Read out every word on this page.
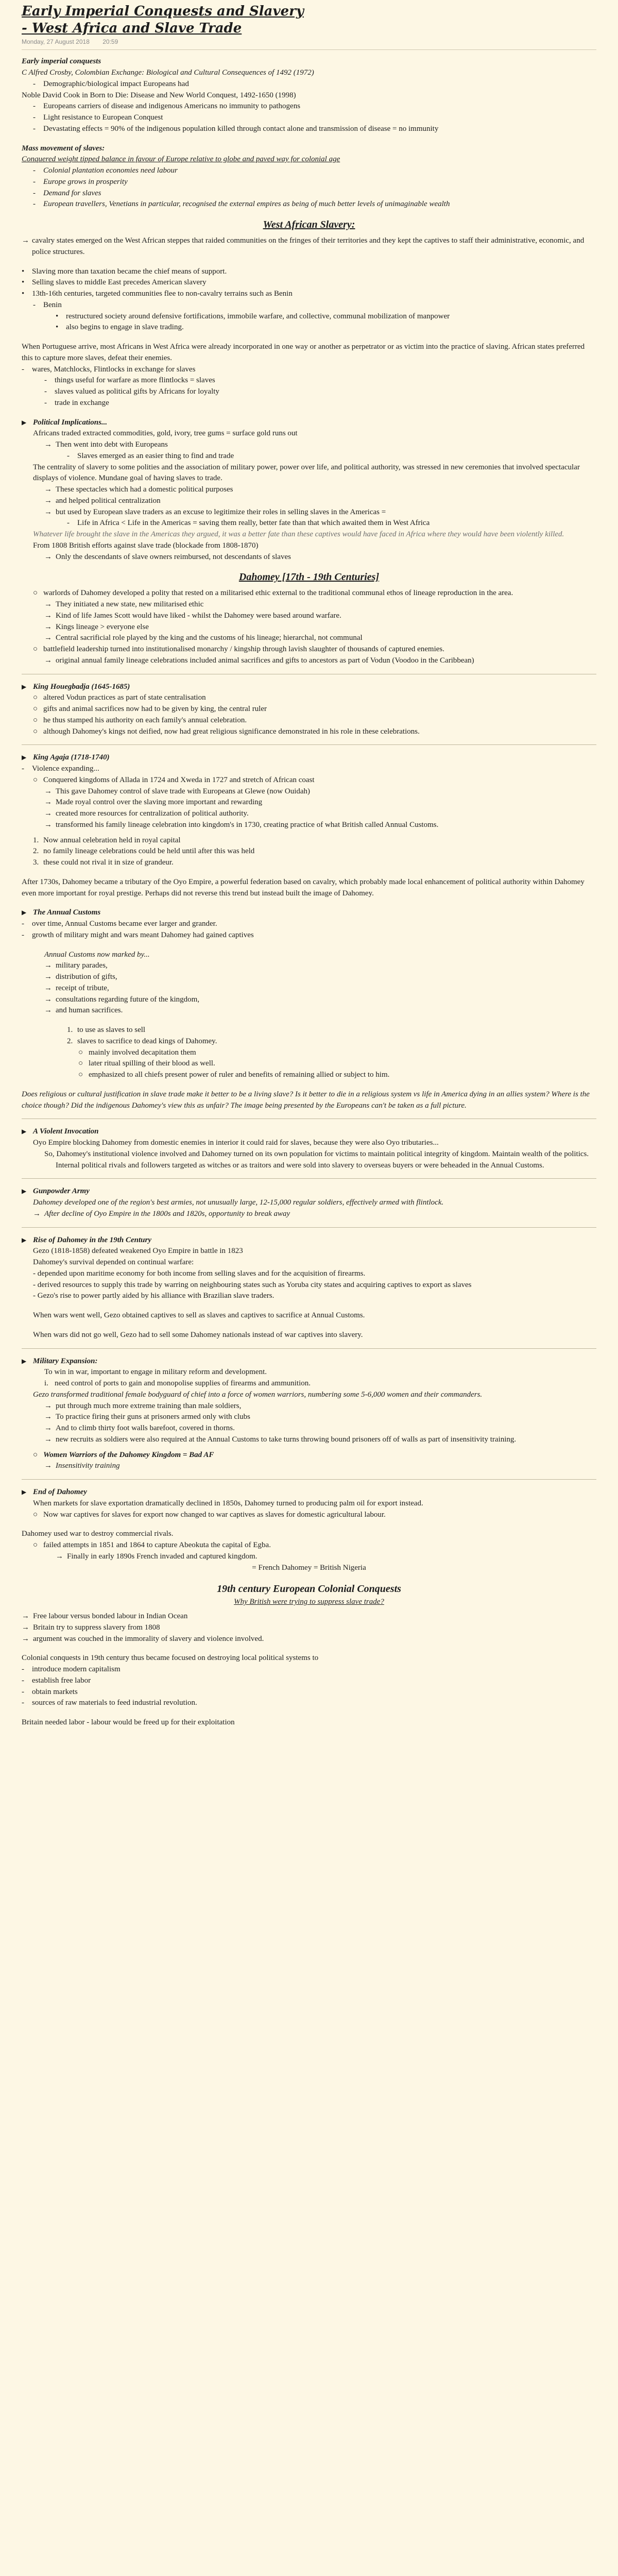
Early Imperial Conquests and Slavery - West Africa and Slave Trade
Monday, 27 August 2018 20:59

Early imperial conquests

C Alfred Crosby, Colombian Exchange: Biological and Cultural Consequences of 1492 (1972)

-	Demographic/biological impact Europeans had

Noble David Cook in Born to Die: Disease and New World Conquest, 1492-1650 (1998)

-	Europeans carriers of disease and indigenous Americans no immunity to pathogens
-	Light resistance to European Conquest
-	Devastating effects = 90% of the indigenous population killed through contact alone and transmission of disease = no immunity

Mass movement of slaves:

Conquered weight tipped balance in favour of Europe relative to globe and paved way for colonial age

-	Colonial plantation economies need labour
-	Europe grows in prosperity
-	Demand for slaves
-	European travellers, Venetians in particular, recognised the external empires as being of much better levels of unimaginable wealth

West African Slavery:

→ cavalry states emerged on the West African steppes that raided communities on the fringes of their territories and they kept the captives to staff their administrative, economic, and police structures.
• Slaving more than taxation became the chief means of support.
• Selling slaves to middle East precedes American slavery
• 13th-16th centuries, targeted communities flee to non-cavalry terrains such as Benin
-	Benin
• restructured society around defensive fortifications, immobile warfare, and collective, communal mobilization of manpower
• also begins to engage in slave trading.

When Portuguese arrive, most Africans in West Africa were already incorporated in one way or another as perpetrator or as victim into the practice of slaving. African states preferred this to capture more slaves, defeat their enemies.

-	wares, Matchlocks, Flintlocks in exchange for slaves
-	things useful for warfare as more flintlocks = slaves
-	slaves valued as political gifts by Africans for loyalty
-	trade in exchange
▶ Political Implications...

Africans traded extracted commodities, gold, ivory, tree gums = surface gold runs out

→ Then went into debt with Europeans
-	Slaves emerged as an easier thing to find and trade

The centrality of slavery to some polities and the association of military power, power over life, and political authority, was stressed in new ceremonies that involved spectacular displays of violence. Mundane goal of having slaves to trade.

→ These spectacles which had a domestic political purposes
→ and helped political centralization
→ but used by European slave traders as an excuse to legitimize their roles in selling slaves in the Americas =
-	Life in Africa < Life in the Americas = saving them really, better fate than that which awaited them in West Africa

Whatever life brought the slave in the Americas they argued, it was a better fate than these captives would have faced in Africa where they would have been violently killed.

From 1808 British efforts against slave trade (blockade from 1808-1870)

→ Only the descendants of slave owners reimbursed, not descendants of slaves

Dahomey [17th - 19th Centuries]

○ warlords of Dahomey developed a polity that rested on a militarised ethic external to the traditional communal ethos of lineage reproduction in the area.
→ They initiated a new state, new militarised ethic
→ Kind of life James Scott would have liked - whilst the Dahomey were based around warfare.
→ Kings lineage > everyone else
→ Central sacrificial role played by the king and the customs of his lineage; hierarchal, not communal
○ battlefield leadership turned into institutionalised monarchy / kingship through lavish slaughter of thousands of captured enemies.
→ original annual family lineage celebrations included animal sacrifices and gifts to ancestors as part of Vodun (Voodoo in the Caribbean)
▶ King Houegbadja (1645-1685)
○ altered Vodun practices as part of state centralisation
○ gifts and animal sacrifices now had to be given by king, the central ruler
○ he thus stamped his authority on each family's annual celebration.
○ although Dahomey's kings not deified, now had great religious significance demonstrated in his role in these celebrations.
▶ King Agaja (1718-1740)
-	Violence expanding...
○ Conquered kingdoms of Allada in 1724 and Xweda in 1727 and stretch of African coast
→ This gave Dahomey control of slave trade with Europeans at Glewe (now Ouidah)
→ Made royal control over the slaving more important and rewarding
→ created more resources for centralization of political authority.
→ transformed his family lineage celebration into kingdom's in 1730, creating practice of what British called Annual Customs.
1. Now annual celebration held in royal capital
2. no family lineage celebrations could be held until after this was held
3. these could not rival it in size of grandeur.

After 1730s, Dahomey became a tributary of the Oyo Empire, a powerful federation based on cavalry, which probably made local enhancement of political authority within Dahomey even more important for royal prestige. Perhaps did not reverse this trend but instead built the image of Dahomey.

▶ The Annual Customs
-	over time, Annual Customs became ever larger and grander.
-	growth of military might and wars meant Dahomey had gained captives

Annual Customs now marked by...

→ military parades,
→ distribution of gifts,
→ receipt of tribute,
→ consultations regarding future of the kingdom,
→ and human sacrifices.
1. to use as slaves to sell
2. slaves to sacrifice to dead kings of Dahomey.
○ mainly involved decapitation them
○ later ritual spilling of their blood as well.
○ emphasized to all chiefs present power of ruler and benefits of remaining allied or subject to him.

Does religious or cultural justification in slave trade make it better to be a living slave? Is it better to die in a religious system vs life in America dying in an allies system? Where is the choice though? Did the indigenous Dahomey's view this as unfair? The image being presented by the Europeans can't be taken as a full picture.

▶ A Violent Invocation

Oyo Empire blocking Dahomey from domestic enemies in interior it could raid for slaves, because they were also Oyo tributaries...

So, Dahomey's institutional violence involved and Dahomey turned on its own population for victims to maintain political integrity of kingdom. Maintain wealth of the politics.

Internal political rivals and followers targeted as witches or as traitors and were sold into slavery to overseas buyers or were beheaded in the Annual Customs.

▶ Gunpowder Army

Dahomey developed one of the region's best armies, not unusually large, 12-15,000 regular soldiers, effectively armed with flintlock.

→ After decline of Oyo Empire in the 1800s and 1820s, opportunity to break away
▶ Rise of Dahomey in the 19th Century

Gezo (1818-1858) defeated weakened Oyo Empire in battle in 1823

Dahomey's survival depended on continual warfare:

- depended upon maritime economy for both income from selling slaves and for the acquisition of firearms.

- derived resources to supply this trade by warring on neighbouring states such as Yoruba city states and acquiring captives to export as slaves

- Gezo's rise to power partly aided by his alliance with Brazilian slave traders.

When wars went well, Gezo obtained captives to sell as slaves and captives to sacrifice at Annual Customs.

When wars did not go well, Gezo had to sell some Dahomey nationals instead of war captives into slavery.

▶ Military Expansion:

To win in war, important to engage in military reform and development.

i. need control of ports to gain and monopolise supplies of firearms and ammunition.

Gezo transformed traditional female bodyguard of chief into a force of women warriors, numbering some 5-6,000 women and their commanders.

→ put through much more extreme training than male soldiers,
→ To practice firing their guns at prisoners armed only with clubs
→ And to climb thirty foot walls barefoot, covered in thorns.
→ new recruits as soldiers were also required at the Annual Customs to take turns throwing bound prisoners off of walls as part of insensitivity training.
○ Women Warriors of the Dahomey Kingdom = Bad AF
→ Insensitivity training
▶ End of Dahomey

When markets for slave exportation dramatically declined in 1850s, Dahomey turned to producing palm oil for export instead.

○ Now war captives for slaves for export now changed to war captives as slaves for domestic agricultural labour.

Dahomey used war to destroy commercial rivals.

○ failed attempts in 1851 and 1864 to capture Abeokuta the capital of Egba.
→ Finally in early 1890s French invaded and captured kingdom.

= French Dahomey = British Nigeria

19th century European Colonial Conquests

Why British were trying to suppress slave trade?

→ Free labour versus bonded labour in Indian Ocean
→ Britain try to suppress slavery from 1808
→ argument was couched in the immorality of slavery and violence involved.

Colonial conquests in 19th century thus became focused on destroying local political systems to

-	introduce modern capitalism
-	establish free labor
-	obtain markets
-	sources of raw materials to feed industrial revolution.

Britain needed labor - labour would be freed up for their exploitation
